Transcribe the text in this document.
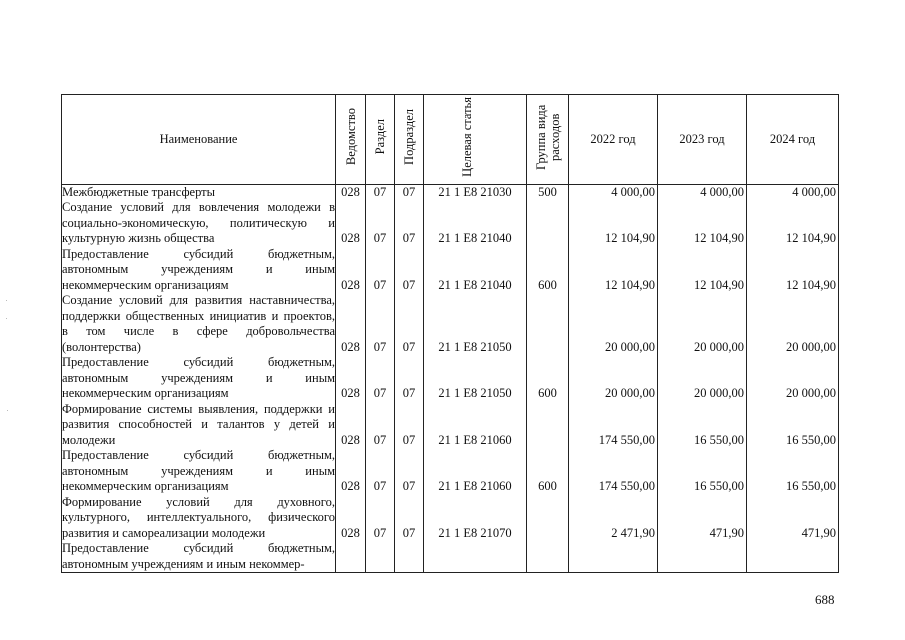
Наименование	Ведомство	Раздел	Подраздел	Целевая статья	Группа вида расходов	2022 год	2023 год	2024 год
Межбюджетные трансферты	028	07	07	21 1 E8 21030	500	4 000,00	4 000,00	4 000,00
Создание условий для вовлечения молодежи в социально-экономическую, политическую и культурную жизнь общества	028	07	07	21 1 E8 21040		12 104,90	12 104,90	12 104,90
Предоставление субсидий бюджетным, автономным учреждениям и иным некоммерческим организациям	028	07	07	21 1 E8 21040	600	12 104,90	12 104,90	12 104,90
Создание условий для развития наставничества, поддержки общественных инициатив и проектов, в том числе в сфере добровольчества (волонтерства)	028	07	07	21 1 E8 21050		20 000,00	20 000,00	20 000,00
Предоставление субсидий бюджетным, автономным учреждениям и иным некоммерческим организациям	028	07	07	21 1 E8 21050	600	20 000,00	20 000,00	20 000,00
Формирование системы выявления, поддержки и развития способностей и талантов у детей и молодежи	028	07	07	21 1 E8 21060		174 550,00	16 550,00	16 550,00
Предоставление субсидий бюджетным, автономным учреждениям и иным некоммерческим организациям	028	07	07	21 1 E8 21060	600	174 550,00	16 550,00	16 550,00
Формирование условий для духовного, культурного, интеллектуального, физического развития и самореализации молодежи	028	07	07	21 1 E8 21070		2 471,90	471,90	471,90
Предоставление субсидий бюджетным, автономным учреждениям и иным некоммер-								
688
